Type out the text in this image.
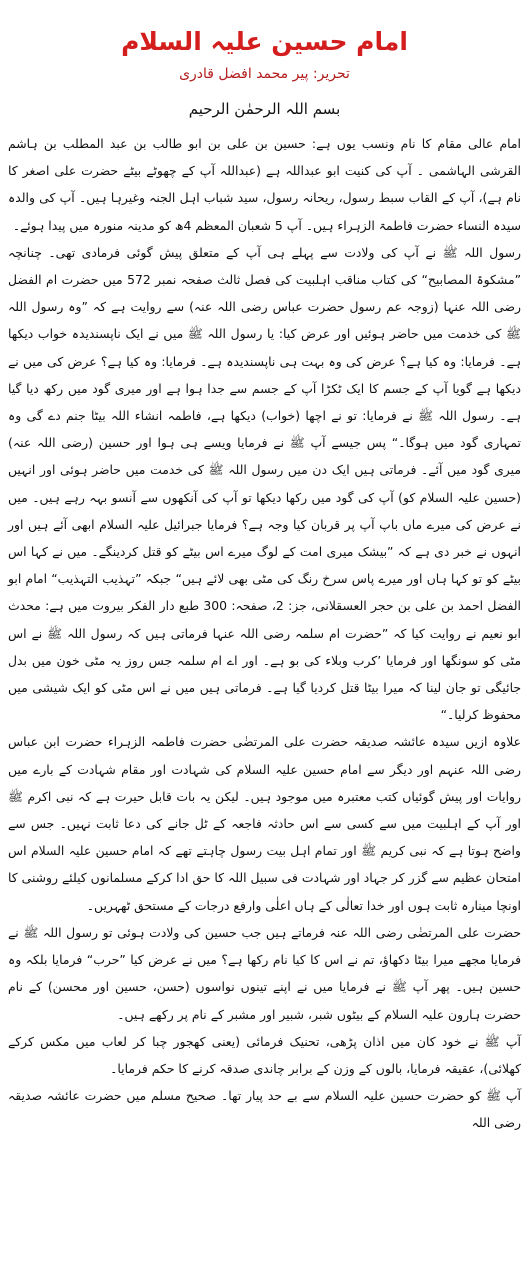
امام حسین علیہ السلام
تحریر: پیر محمد افضل قادری
بسم اللہ الرحمٰن الرحیم

امام عالی مقام کا نام ونسب یوں ہے: حسین بن علی بن ابو طالب بن عبد المطلب بن ہاشم القرشی الہاشمی ۔ آپ کی کنیت ابو عبداللہ ہے (عبداللہ آپ کے چھوٹے بیٹے حضرت علی اصغر کا نام ہے)، آپ کے القاب سبط رسول، ریحانہ رسول، سید شباب اہل الجنہ وغیرہا ہیں۔ آپ کی والدہ سیدہ النساء حضرت فاطمۃ الزہراء ہیں۔ آپ 5 شعبان المعظم 4ھ کو مدینہ منورہ میں پیدا ہوئے۔

رسول اللہ ﷺ نے آپ کی ولادت سے پہلے ہی آپ کے متعلق پیش گوئی فرمادی تھی۔ چنانچہ ”مشکوۃ المصابیح“ کی کتاب مناقب اہلبیت کی فصل ثالث صفحہ نمبر 572 میں حضرت ام الفضل رضی اللہ عنہا (زوجہ عم رسول حضرت عباس رضی اللہ عنہ) سے روایت ہے کہ ”وہ رسول اللہ ﷺ کی خدمت میں حاضر ہوئیں اور عرض کیا: یا رسول اللہ ﷺ میں نے ایک ناپسندیدہ خواب دیکھا ہے۔ فرمایا: وہ کیا ہے؟ عرض کی وہ بہت ہی ناپسندیدہ ہے۔ فرمایا: وہ کیا ہے؟ عرض کی میں نے دیکھا ہے گویا آپ کے جسم کا ایک ٹکڑا آپ کے جسم سے جدا ہوا ہے اور میری گود میں رکھ دیا گیا ہے۔ رسول اللہ ﷺ نے فرمایا: تو نے اچھا (خواب) دیکھا ہے، فاطمہ انشاء اللہ بیٹا جنم دے گی وہ تمہاری گود میں ہوگا۔“ پس جیسے آپ ﷺ نے فرمایا ویسے ہی ہوا اور حسین (رضی اللہ عنہ) میری گود میں آئے۔ فرماتی ہیں ایک دن میں رسول اللہ ﷺ کی خدمت میں حاضر ہوئی اور انہیں (حسین علیہ السلام کو) آپ کی گود میں رکھا دیکھا تو آپ کی آنکھوں سے آنسو بہہ رہے ہیں۔ میں نے عرض کی میرے ماں باپ آپ پر قربان کیا وجہ ہے؟ فرمایا جبرائیل علیہ السلام ابھی آئے ہیں اور انہوں نے خبر دی ہے کہ ”بیشک میری امت کے لوگ میرے اس بیٹے کو قتل کردینگے۔ میں نے کہا اس بیٹے کو تو کہا ہاں اور میرے پاس سرخ رنگ کی مٹی بھی لائے ہیں“ جبکہ ”تہذیب التہذیب“ امام ابو الفضل احمد بن علی بن حجر العسقلانی، جز: 2، صفحہ: 300 طبع دار الفکر بیروت میں ہے: محدث ابو نعیم نے روایت کیا کہ ”حضرت ام سلمہ رضی اللہ عنہا فرماتی ہیں کہ رسول اللہ ﷺ نے اس مٹی کو سونگھا اور فرمایا ’کرب وبلاء کی بو ہے۔ اور اے ام سلمہ جس روز یہ مٹی خون میں بدل جائیگی تو جان لینا کہ میرا بیٹا قتل کردیا گیا ہے۔ فرماتی ہیں میں نے اس مٹی کو ایک شیشی میں محفوظ کرلیا۔“

علاوہ ازیں سیدہ عائشہ صدیقہ حضرت علی المرتضٰی حضرت فاطمہ الزہراء حضرت ابن عباس رضی اللہ عنہم اور دیگر سے امام حسین علیہ السلام کی شہادت اور مقام شہادت کے بارے میں روایات اور پیش گوئیاں کتب معتبرہ میں موجود ہیں۔ لیکن یہ بات قابل حیرت ہے کہ نبی اکرم ﷺ اور آپ کے اہلبیت میں سے کسی سے اس حادثہ فاجعہ کے ٹل جانے کی دعا ثابت نہیں۔ جس سے واضح ہوتا ہے کہ نبی کریم ﷺ اور تمام اہل بیت رسول چاہتے تھے کہ امام حسین علیہ السلام اس امتحان عظیم سے گزر کر جہاد اور شہادت فی سبیل اللہ کا حق ادا کرکے مسلمانوں کیلئے روشنی کا اونچا مینارہ ثابت ہوں اور خدا تعالٰی کے ہاں اعلٰی وارفع درجات کے مستحق ٹھہریں۔

حضرت علی المرتضٰی رضی اللہ عنہ فرماتے ہیں جب حسین کی ولادت ہوئی تو رسول اللہ ﷺ نے فرمایا مجھے میرا بیٹا دکھاؤ، تم نے اس کا کیا نام رکھا ہے؟ میں نے عرض کیا ”حرب“ فرمایا بلکہ وہ حسین ہیں۔ پھر آپ ﷺ نے فرمایا میں نے اپنے تینوں نواسوں (حسن، حسین اور محسن) کے نام حضرت ہارون علیہ السلام کے بیٹوں شبر، شبیر اور مشبر کے نام پر رکھے ہیں۔

آپ ﷺ نے خود کان میں اذان پڑھی، تحنیک فرمائی (یعنی کھجور چبا کر لعاب میں مکس کرکے کھلائی)، عقیقہ فرمایا، بالوں کے وزن کے برابر چاندی صدقہ کرنے کا حکم فرمایا۔

آپ ﷺ کو حضرت حسین علیہ السلام سے بے حد پیار تھا۔ صحیح مسلم میں حضرت عائشہ صدیقہ رضی اللہ
